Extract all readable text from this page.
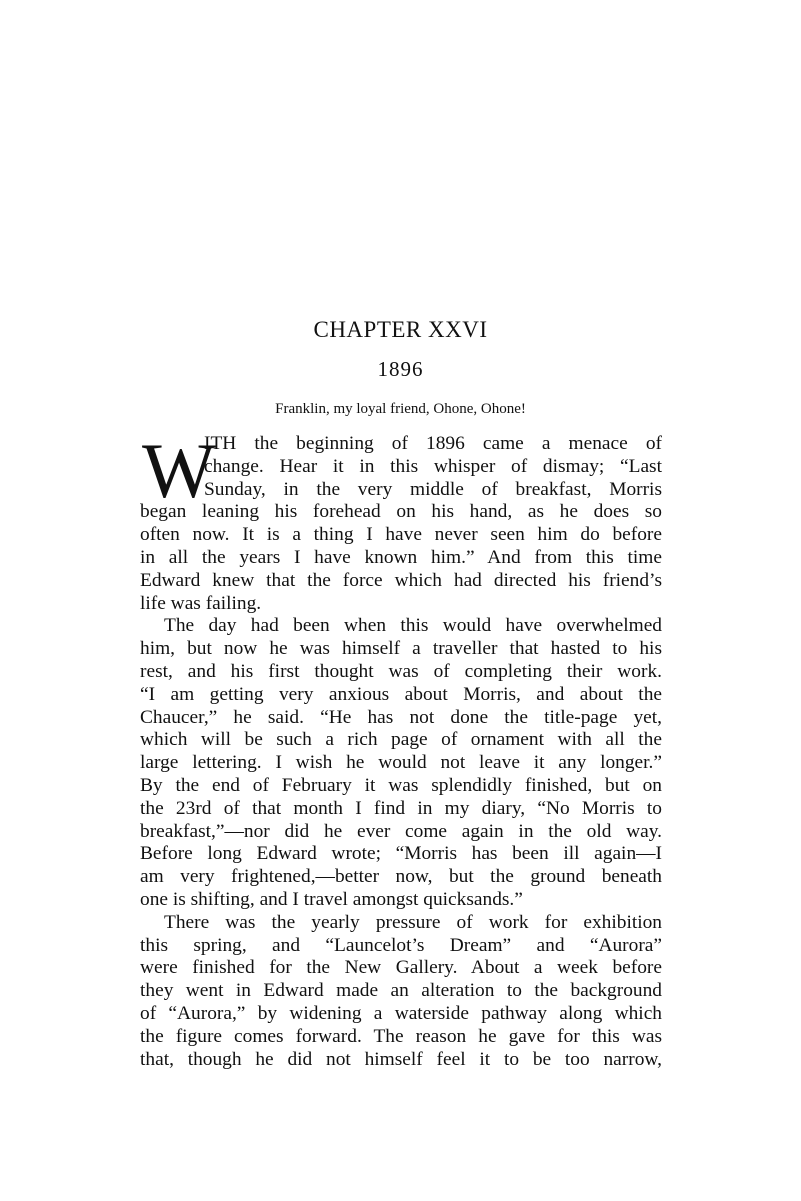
CHAPTER XXVI
1896
Franklin, my loyal friend, Ohone, Ohone!
W
ITH the beginning of 1896 came a menace of
change. Hear it in this whisper of dismay; “Last
Sunday, in the very middle of breakfast, Morris
began leaning his forehead on his hand, as he does so
often now. It is a thing I have never seen him do before
in all the years I have known him.” And from this time
Edward knew that the force which had directed his friend’s
life was failing.
The day had been when this would have overwhelmed
him, but now he was himself a traveller that hasted to his
rest, and his first thought was of completing their work.
“I am getting very anxious about Morris, and about the
Chaucer,” he said. “He has not done the title-page yet,
which will be such a rich page of ornament with all the
large lettering. I wish he would not leave it any longer.”
By the end of February it was splendidly finished, but on
the 23rd of that month I find in my diary, “No Morris to
breakfast,”—nor did he ever come again in the old way.
Before long Edward wrote; “Morris has been ill again—I
am very frightened,—better now, but the ground beneath
one is shifting, and I travel amongst quicksands.”
There was the yearly pressure of work for exhibition
this spring, and “Launcelot’s Dream” and “Aurora”
were finished for the New Gallery. About a week before
they went in Edward made an alteration to the background
of “Aurora,” by widening a waterside pathway along which
the figure comes forward. The reason he gave for this was
that, though he did not himself feel it to be too narrow,
